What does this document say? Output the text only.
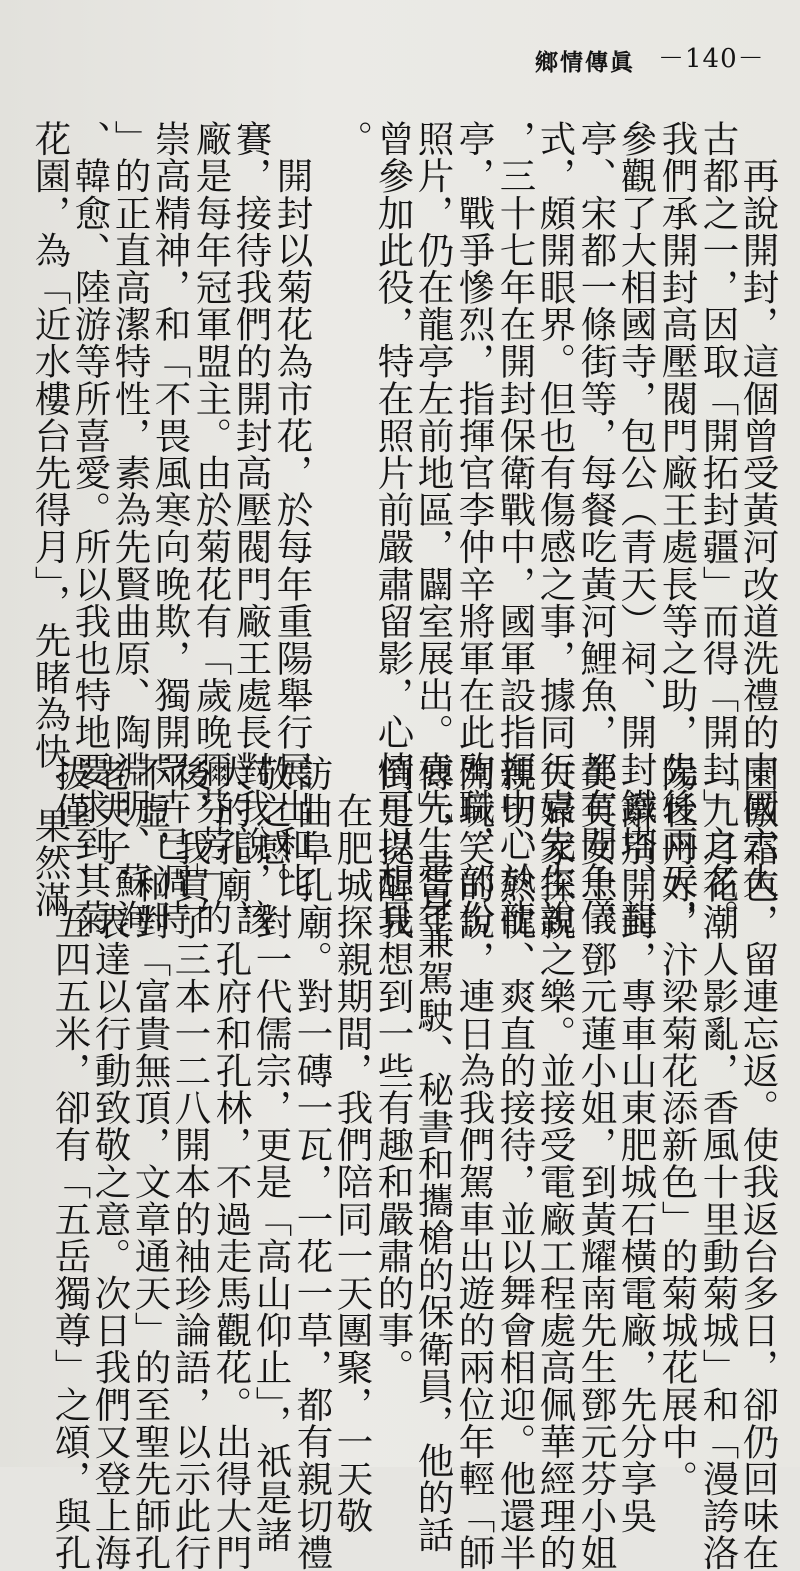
鄉情傳眞 －140－
　再說開封，這個曾受黃河改道洗禮的中國六大
古都之一，因取「開拓封疆」而得「開封」之名。
我們承開封高壓閥門廠王處長等之助，先後兩天，
參觀了大相國寺，包公（青天）祠、開封鐵塔、龍
亭、宋都一條街等，每餐吃黃河鯉魚，都有開魚儀
式，頗開眼界。但也有傷感之事，據同行袁先生說
，三十七年在開封保衛戰中，國軍設指揮中心於龍
亭，戰爭慘烈，指揮官李仲辛將軍在此殉職，部份
照片，仍在龍亭左前地區，闢室展出。袁先生當年
曾參加此役，特在照片前嚴肅留影，心情可以想見
。
　開封以菊花為市花，於每年重陽舉行展出和比
賽，接待我們的開封高壓閥門廠王處長對我說，該
廠是每年冠軍盟主。由於菊花有「歲晚彌芬芳」的
崇高精神，和「不畏風寒向晚欺，獨開眾卉已凋時
」的正直高潔特性，素為先賢曲原、陶淵明、蘇洵
、韓愈、陸游等所喜愛。所以我也特地要求到其菊
花園，為「近水樓台先得月」，先睹為快。果然滿
園傲霜色，留連忘返。使我返台多日，卻仍回味在
「九月花潮人影亂，香風十里動菊城」和「漫誇洛
陽牡丹好，汴梁菊花添新色」的菊城花展中。
　辭別開封，專車山東肥城石橫電廠，先分享吳
美英女士，鄧元蓮小姐，到黃耀南先生鄧元芬小姐
夫婦家探親之樂。並接受電廠工程處高佩華經理的
親切、熱忱、爽直的接待，並以舞會相迎。他還半
開玩笑的說，連日為我們駕車出遊的兩位年輕「師
傅」，是身兼駕駛、秘書和攜槍的保衛員，他的話
倒是提醒我想到一些有趣和嚴肅的事。
　在肥城探親期間，我們陪同一天團聚，一天敬
訪曲阜孔廟。對一磚一瓦，一花一草，都有親切禮
敬之感。對一代儒宗，更是「高山仰止」，祇是諸
大的孔廟，孔府和孔林，不過走馬觀花。出得大門
後，我買了三本一二八開本的袖珍論語，以示此行
不虛，和對「富貴無頂，文章通天」的至聖先師孔
老夫子，表達以行動致敬之意。次日我們又登上海
拔僅一、五四五米，卻有「五岳獨尊」之頌，與孔
